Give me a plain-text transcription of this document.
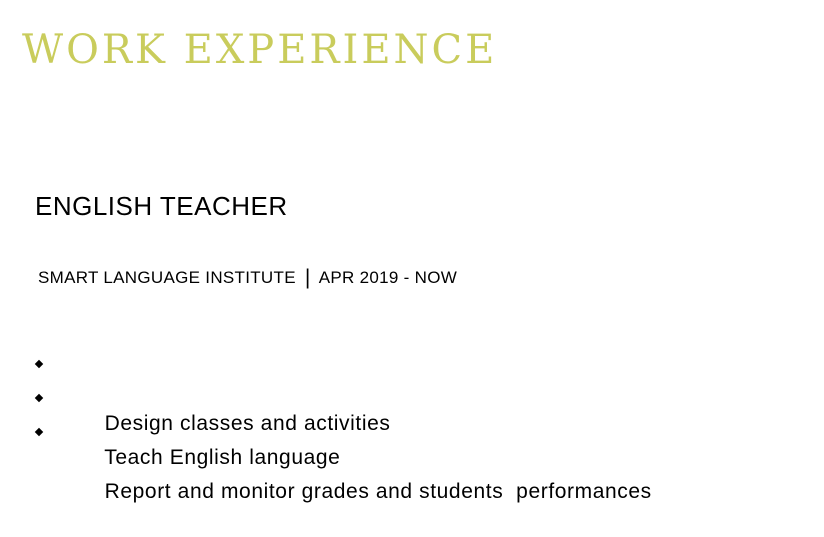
WORK EXPERIENCE
ENGLISH TEACHER

SMART LANGUAGE INSTITUTE | APR 2019 - NOW

Design classes and activities

Teach English language

Report and monitor grades and students  performances
